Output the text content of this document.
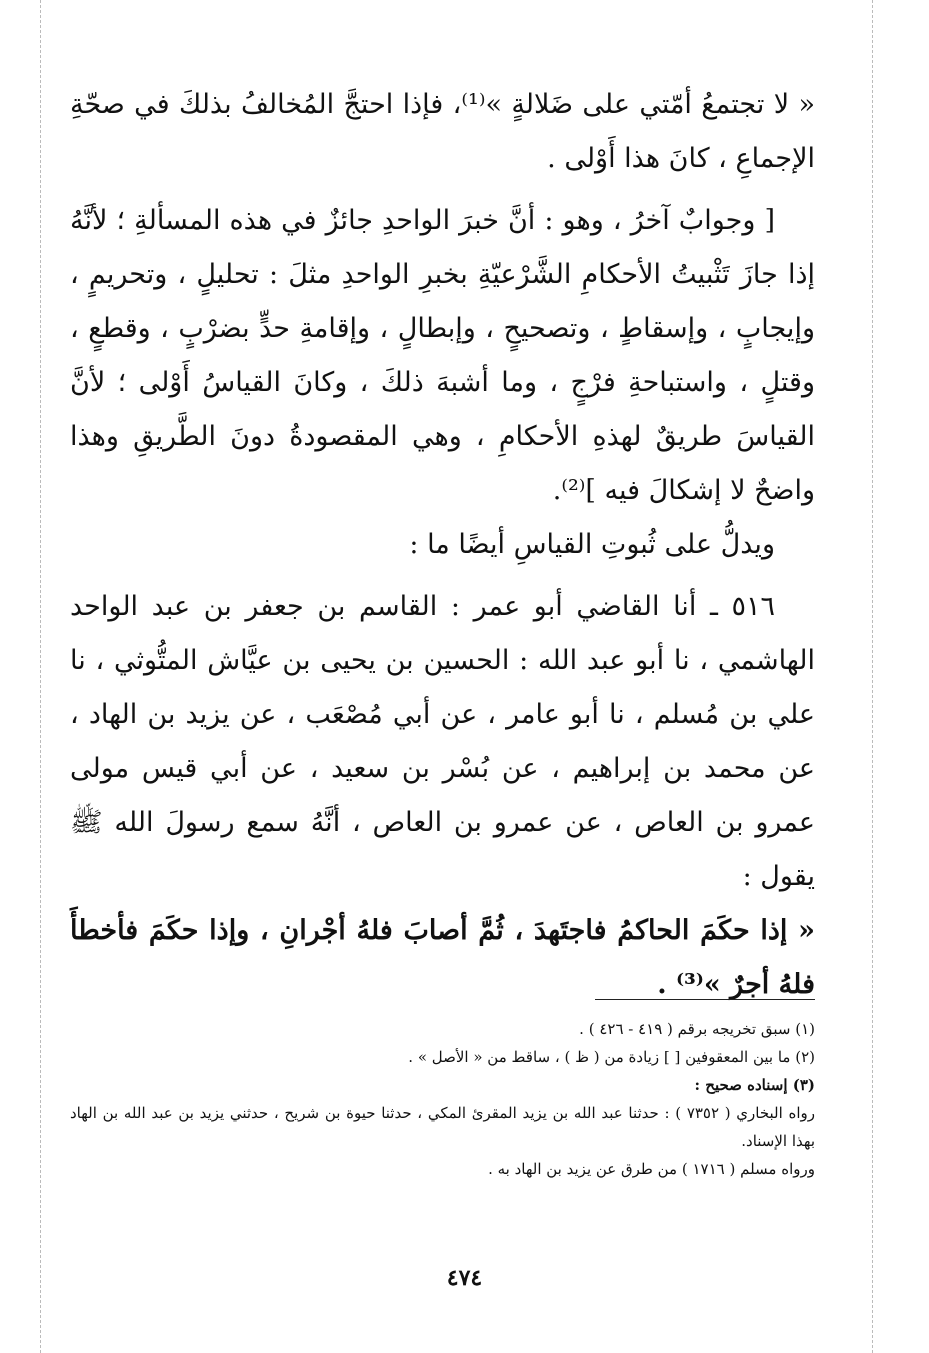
« لا تجتمعُ أمّتي على ضَلالةٍ »⁽¹⁾، فإذا احتجَّ المُخالفُ بذلكَ في صحّةِ الإجماعِ ، كانَ هذا أَوْلى .

[ وجوابٌ آخرُ ، وهو : أنَّ خبرَ الواحدِ جائزٌ في هذه المسألةِ ؛ لأنَّهُ إذا جازَ تَثْبيتُ الأحكامِ الشَّرْعيّةِ بخبرِ الواحدِ مثلَ : تحليلٍ ، وتحريمٍ ، وإيجابٍ ، وإسقاطٍ ، وتصحيحٍ ، وإبطالٍ ، وإقامةِ حدٍّ بضرْبٍ ، وقطعٍ ، وقتلٍ ، واستباحةِ فرْجٍ ، وما أشبهَ ذلكَ ، وكانَ القياسُ أَوْلى ؛ لأنَّ القياسَ طريقٌ لهذهِ الأحكامِ ، وهي المقصودةُ دونَ الطَّريقِ وهذا واضحٌ لا إشكالَ فيه ]⁽²⁾.

ويدلُّ على ثُبوتِ القياسِ أيضًا ما :

٥١٦ ـ أنا القاضي أبو عمر : القاسم بن جعفر بن عبد الواحد الهاشمي ، نا أبو عبد الله : الحسين بن يحيى بن عيَّاش المتُّوثي ، نا علي بن مُسلم ، نا أبو عامر ، عن أبي مُصْعَب ، عن يزيد بن الهاد ، عن محمد بن إبراهيم ، عن بُسْر بن سعيد ، عن أبي قيس مولى عمرو بن العاص ، عن عمرو بن العاص ، أنَّهُ سمع رسولَ الله ﷺ يقول :

« إذا حكَمَ الحاكمُ فاجتَهدَ ، ثُمَّ أصابَ فلهُ أجْرانِ ، وإذا حكَمَ فأخطأَ فلهُ أجرٌ »⁽³⁾ .

(١) سبق تخريجه برقم ( ٤١٩ - ٤٢٦ ) .

(٢) ما بين المعقوفين [ ] زيادة من ( ظ ) ، ساقط من « الأصل » .

(٣) إسناده صحيح :

رواه البخاري ( ٧٣٥٢ ) : حدثنا عبد الله بن يزيد المقرئ المكي ، حدثنا حيوة بن شريح ، حدثني يزيد بن عبد الله بن الهاد بهذا الإسناد.

ورواه مسلم ( ١٧١٦ ) من طرق عن يزيد بن الهاد به .

٤٧٤
